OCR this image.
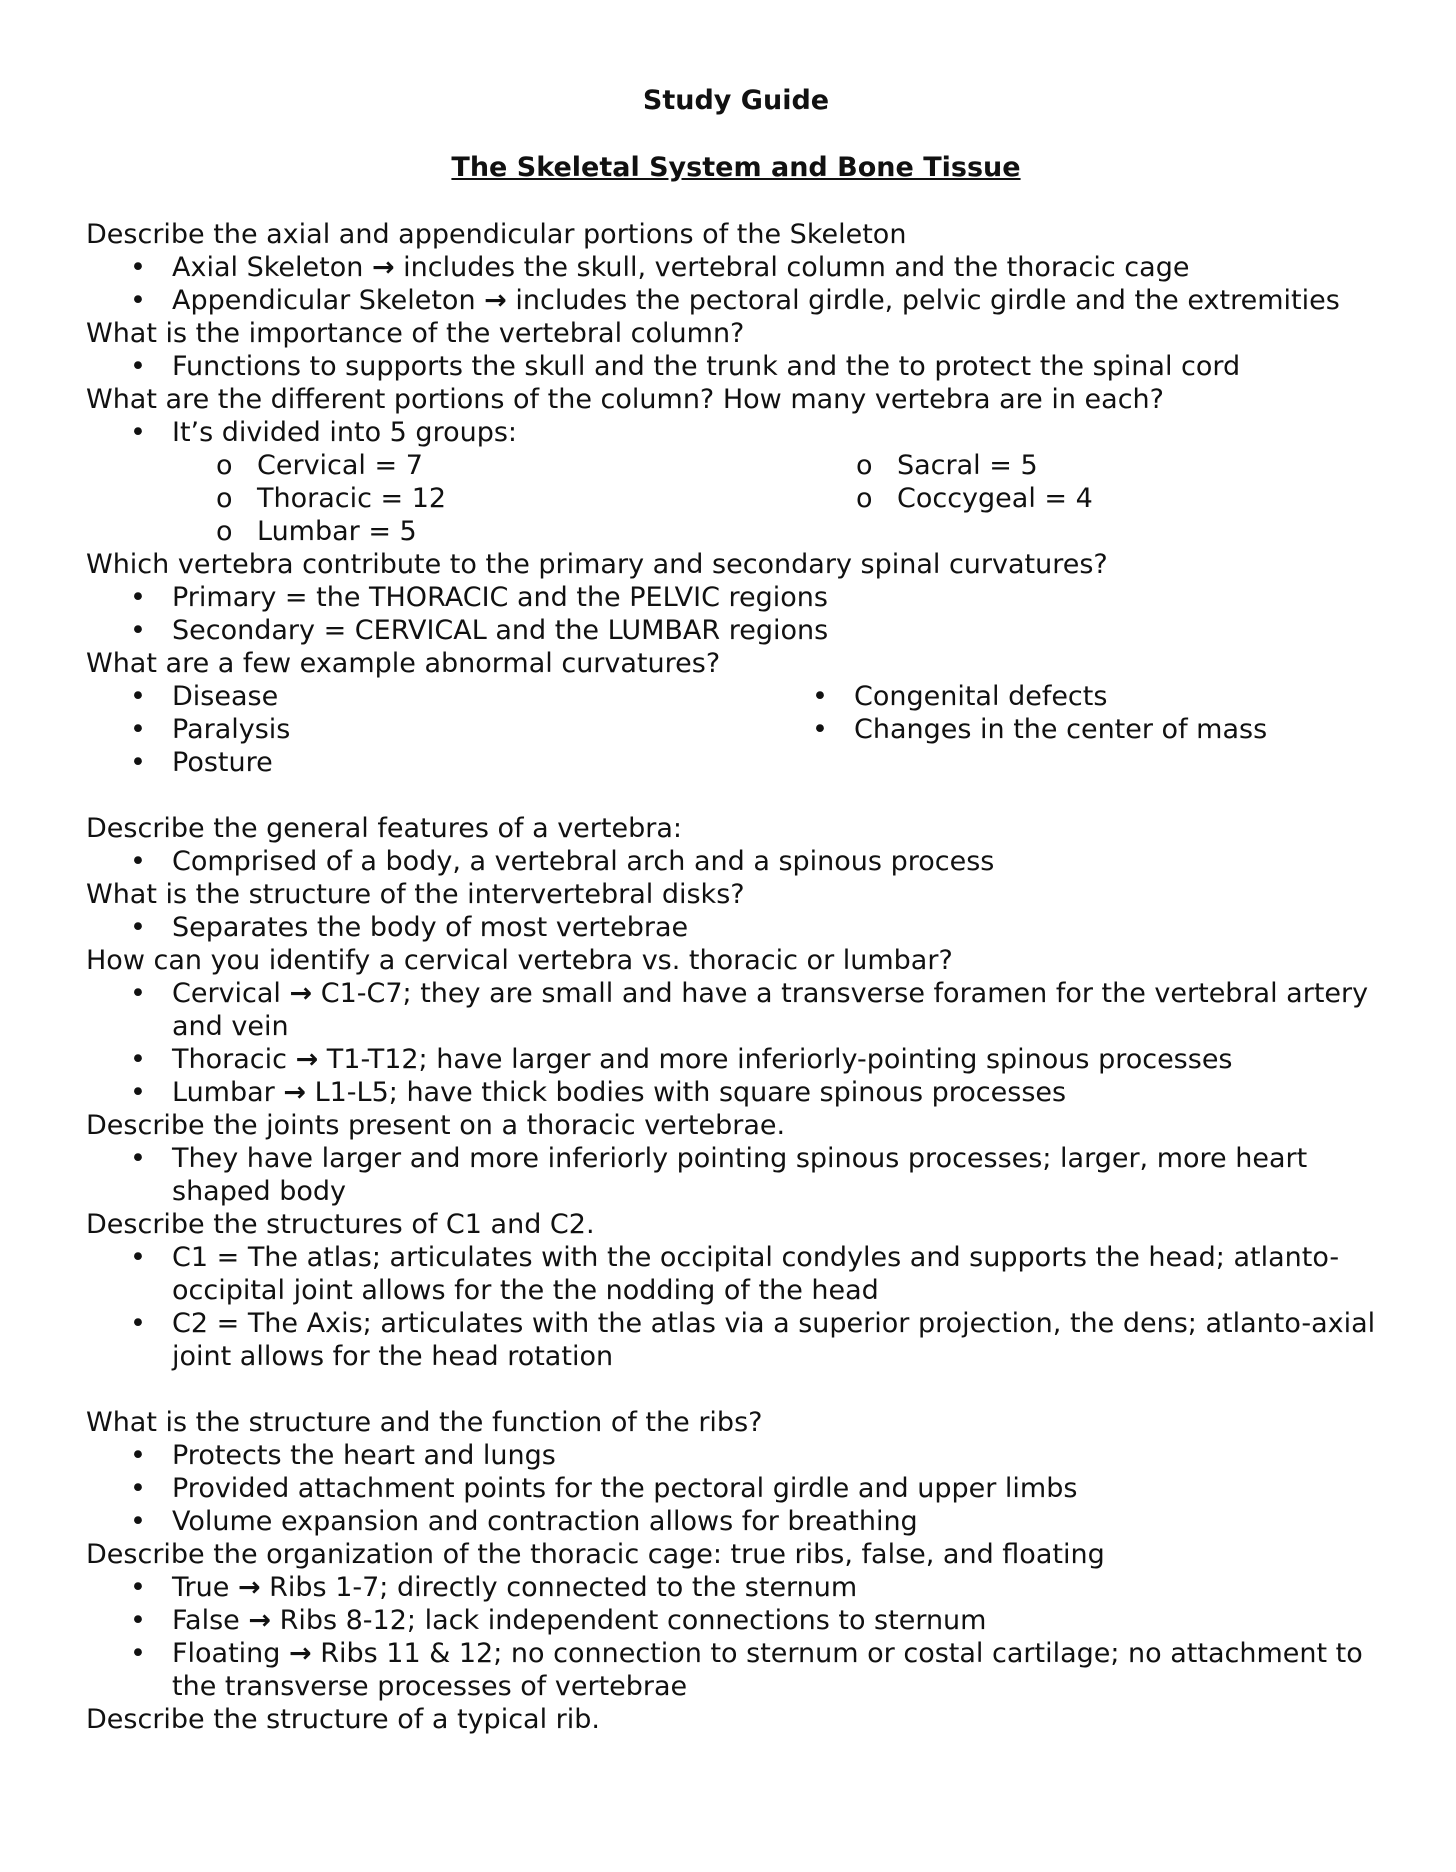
Study Guide

The Skeletal System and Bone Tissue

Describe the axial and appendicular portions of the Skeleton

• Axial Skeleton → includes the skull, vertebral column and the thoracic cage
• Appendicular Skeleton → includes the pectoral girdle, pelvic girdle and the extremities

What is the importance of the vertebral column?

• Functions to supports the skull and the trunk and the to protect the spinal cord

What are the different portions of the column? How many vertebra are in each?

• It’s divided into 5 groups:
o Cervical = 7
o Thoracic = 12
o Lumbar = 5
o Sacral = 5
o Coccygeal = 4

Which vertebra contribute to the primary and secondary spinal curvatures?

• Primary = the THORACIC and the PELVIC regions
• Secondary = CERVICAL and the LUMBAR regions

What are a few example abnormal curvatures?

• Disease
• Paralysis
• Posture
• Congenital defects
• Changes in the center of mass

Describe the general features of a vertebra:

• Comprised of a body, a vertebral arch and a spinous process

What is the structure of the intervertebral disks?

• Separates the body of most vertebrae

How can you identify a cervical vertebra vs. thoracic or lumbar?

• Cervical → C1-C7; they are small and have a transverse foramen for the vertebral artery and vein
• Thoracic → T1-T12; have larger and more inferiorly-pointing spinous processes
• Lumbar → L1-L5; have thick bodies with square spinous processes

Describe the joints present on a thoracic vertebrae.

• They have larger and more inferiorly pointing spinous processes; larger, more heart shaped body

Describe the structures of C1 and C2.

• C1 = The atlas; articulates with the occipital condyles and supports the head; atlanto-occipital joint allows for the the nodding of the head
• C2 = The Axis; articulates with the atlas via a superior projection, the dens; atlanto-axial joint allows for the head rotation

What is the structure and the function of the ribs?

• Protects the heart and lungs
• Provided attachment points for the pectoral girdle and upper limbs
• Volume expansion and contraction allows for breathing

Describe the organization of the thoracic cage: true ribs, false, and floating

• True → Ribs 1-7; directly connected to the sternum
• False → Ribs 8-12; lack independent connections to sternum
• Floating → Ribs 11 & 12; no connection to sternum or costal cartilage; no attachment to the transverse processes of vertebrae

Describe the structure of a typical rib.
